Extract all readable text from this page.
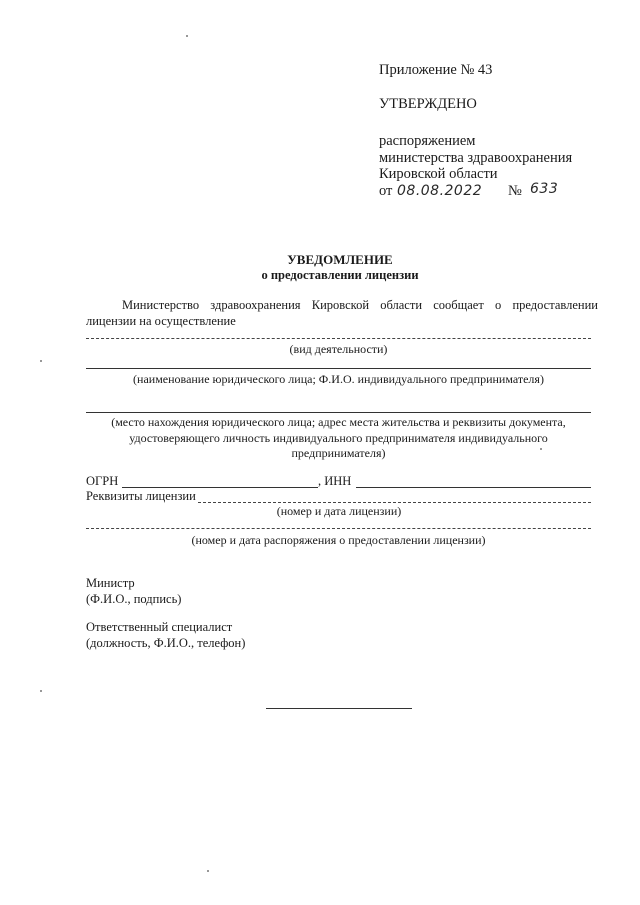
Приложение № 43
УТВЕРЖДЕНО
распоряжением
министерства здравоохранения
Кировской области
от 08.08.2022 № 633
УВЕДОМЛЕНИЕ
о предоставлении лицензии
Министерство здравоохранения Кировской области сообщает о предоставлении
лицензии на осуществление
(вид деятельности)
(наименование юридического лица; Ф.И.О. индивидуального предпринимателя)
(место нахождения юридического лица; адрес места жительства и реквизиты документа,
удостоверяющего личность индивидуального предпринимателя индивидуального
предпринимателя)
ОГРН	, ИНН
Реквизиты лицензии
(номер и дата лицензии)
(номер и дата распоряжения о предоставлении лицензии)
Министр
(Ф.И.О., подпись)
Ответственный специалист
(должность, Ф.И.О., телефон)
